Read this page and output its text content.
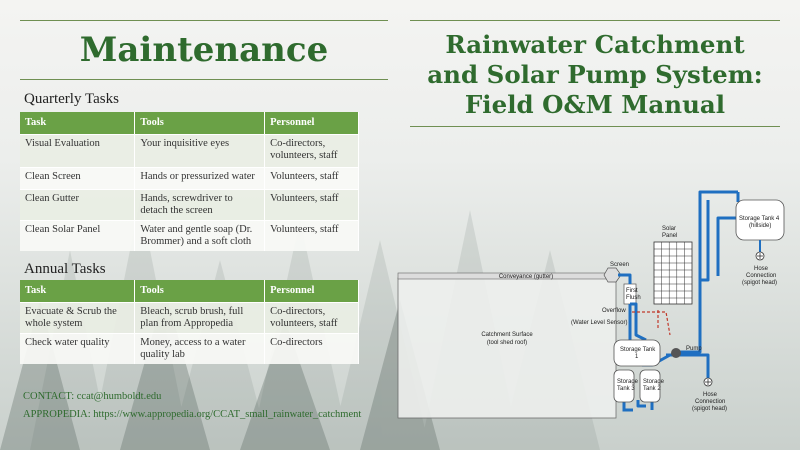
Maintenance
Quarterly Tasks
Task	Tools	Personnel
Visual Evaluation	Your inquisitive eyes	Co-directors, volunteers, staff
Clean Screen	Hands or pressurized water	Volunteers, staff
Clean Gutter	Hands, screwdriver to detach the screen	Volunteers, staff
Clean Solar Panel	Water and gentle soap (Dr. Brommer) and a soft cloth	Volunteers, staff
Annual Tasks
Task	Tools	Personnel
Evacuate & Scrub the whole system	Bleach, scrub brush, full plan from Appropedia	Co-directors, volunteers, staff
Check water quality	Money, access to a water quality lab	Co-directors
CONTACT: ccat@humboldt.edu
APPROPEDIA: https://www.appropedia.org/CCAT_small_rainwater_catchment
Rainwater Catchment
and Solar Pump System:
Field O&M Manual
Catchment Surface
(tool shed roof)
Conveyance (gutter)
Screen
First
Flush
Solar
Panel
Overflow
(Water Level Sensor)
Storage
Tank 3
Storage
Tank 2
Storage Tank
1
Pump
Storage Tank 4
(hillside)
Hose
Connection
(spigot head)
Hose
Connection
(spigot head)
